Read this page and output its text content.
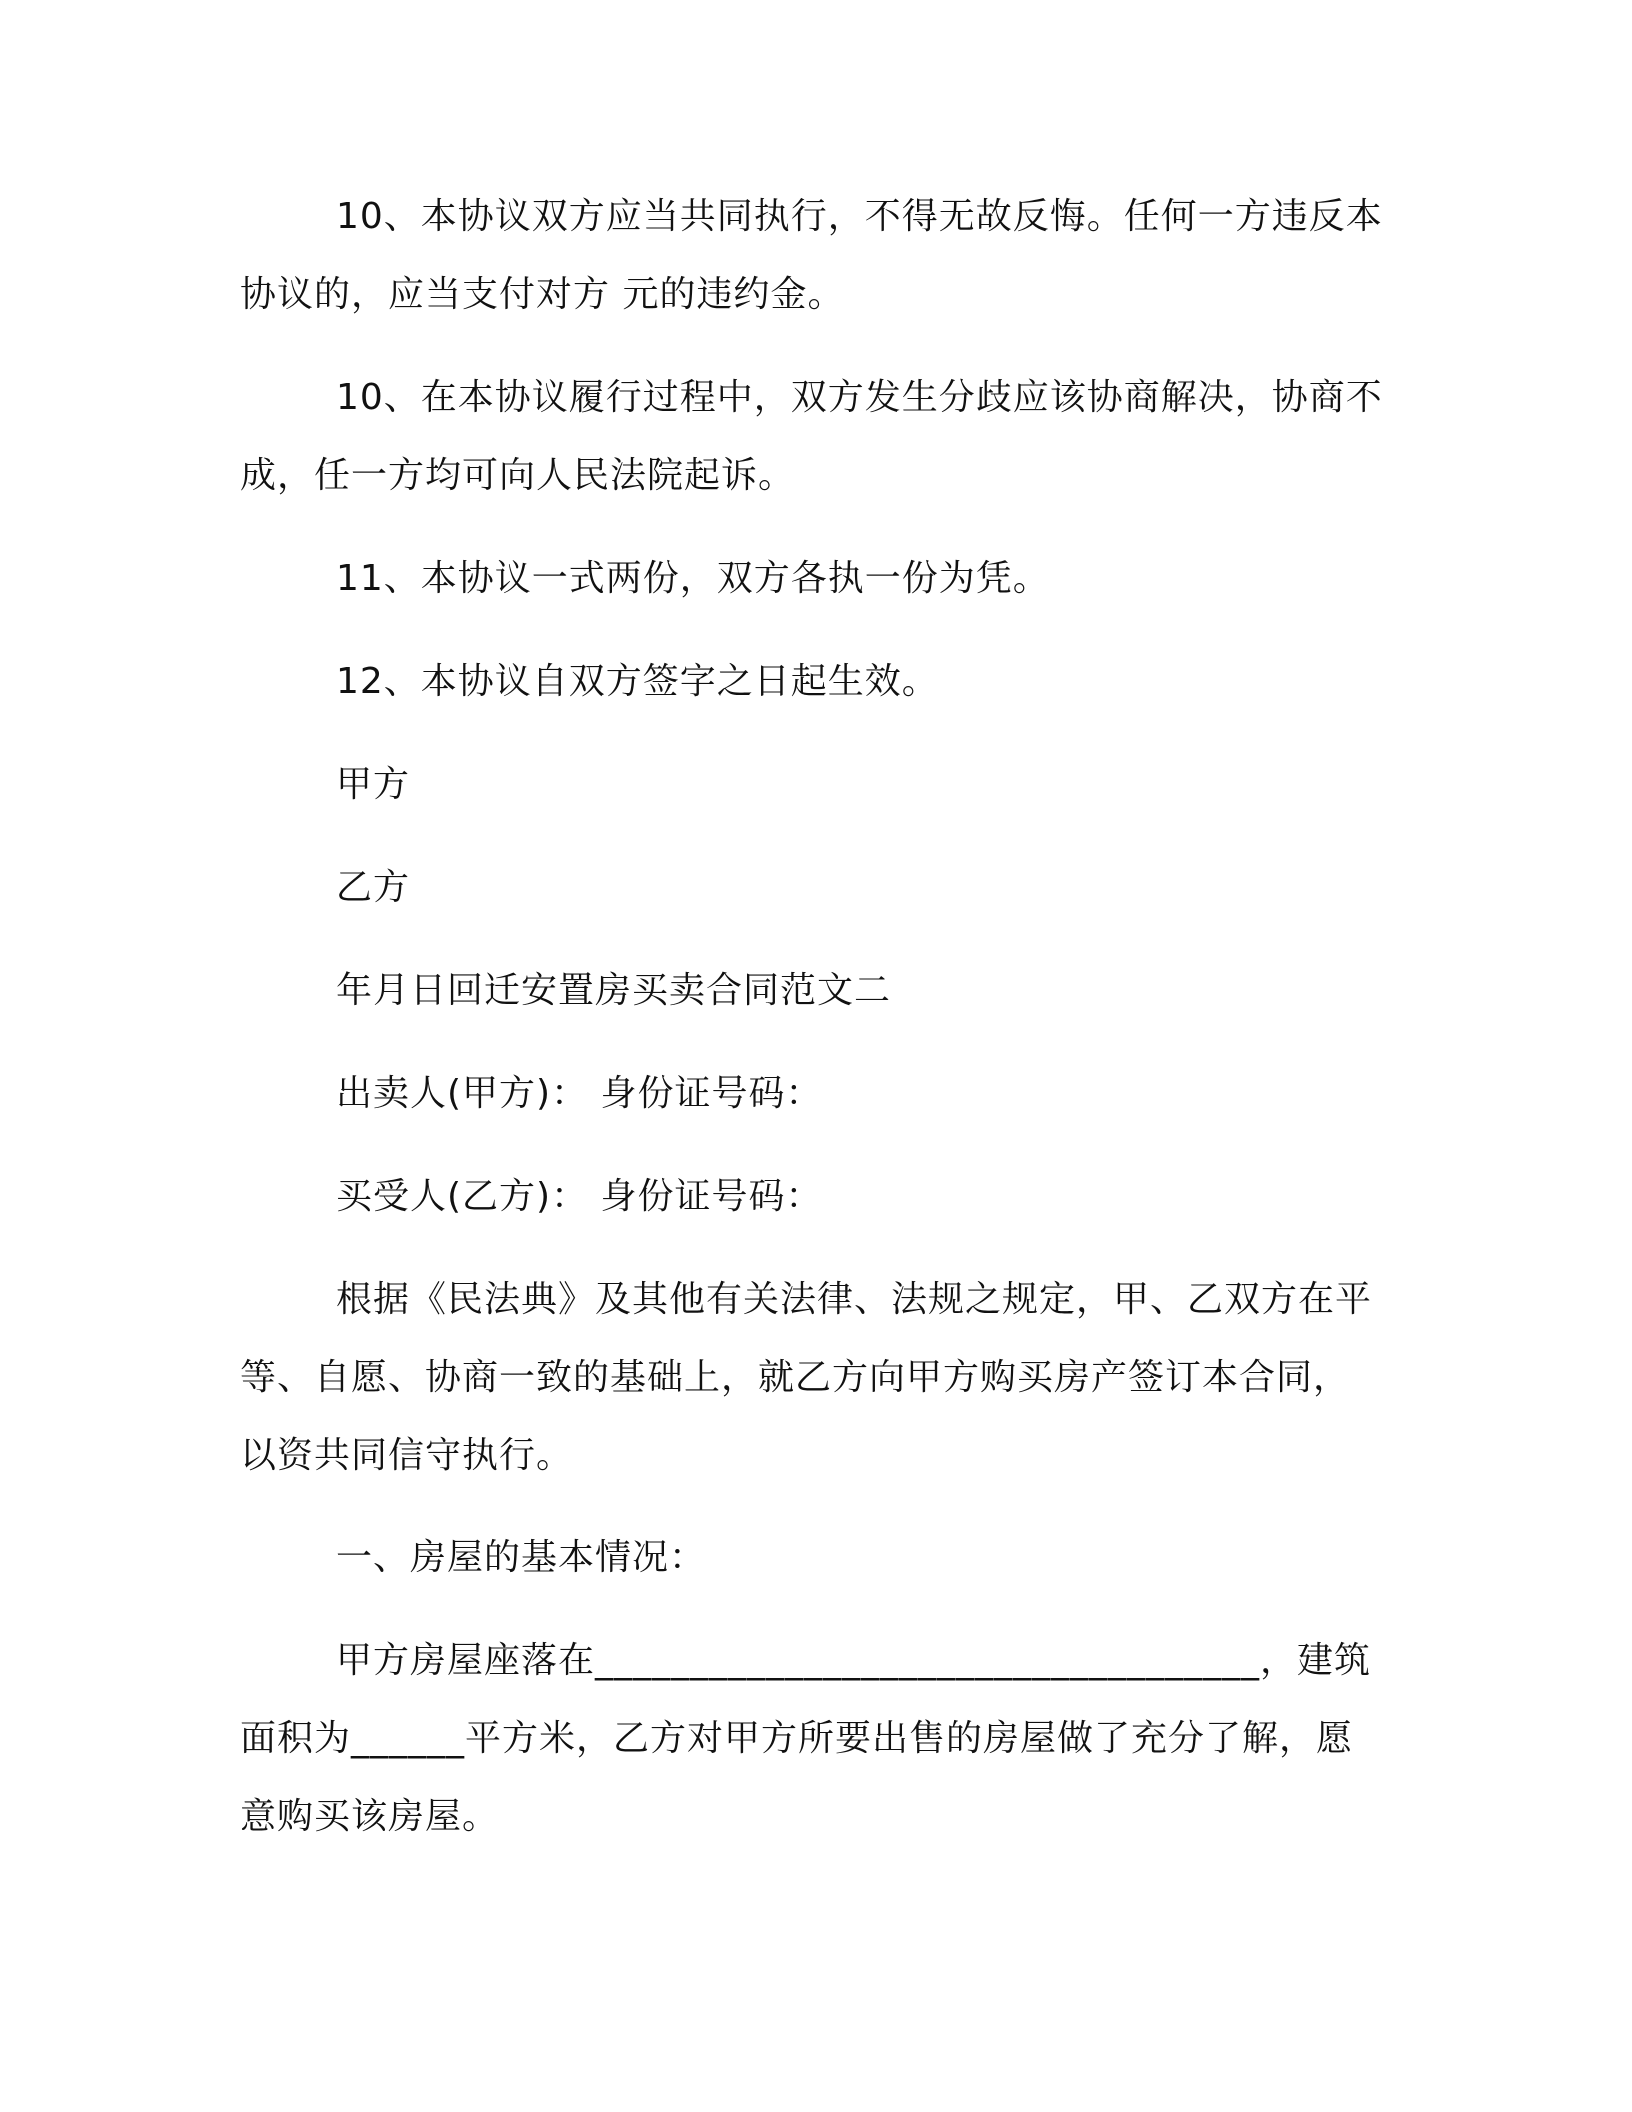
10、本协议双方应当共同执行，不得无故反悔。任何一方违反本
协议的，应当支付对方 元的违约金。

10、在本协议履行过程中，双方发生分歧应该协商解决，协商不
成，任一方均可向人民法院起诉。

11、本协议一式两份，双方各执一份为凭。

12、本协议自双方签字之日起生效。

甲方

乙方

年月日回迁安置房买卖合同范文二

出卖人(甲方)： 身份证号码：

买受人(乙方)： 身份证号码：

根据《民法典》及其他有关法律、法规之规定，甲、乙双方在平
等、自愿、协商一致的基础上，就乙方向甲方购买房产签订本合同，
以资共同信守执行。

一、房屋的基本情况：

甲方房屋座落在___________________________________，建筑
面积为______平方米，乙方对甲方所要出售的房屋做了充分了解，愿
意购买该房屋。
